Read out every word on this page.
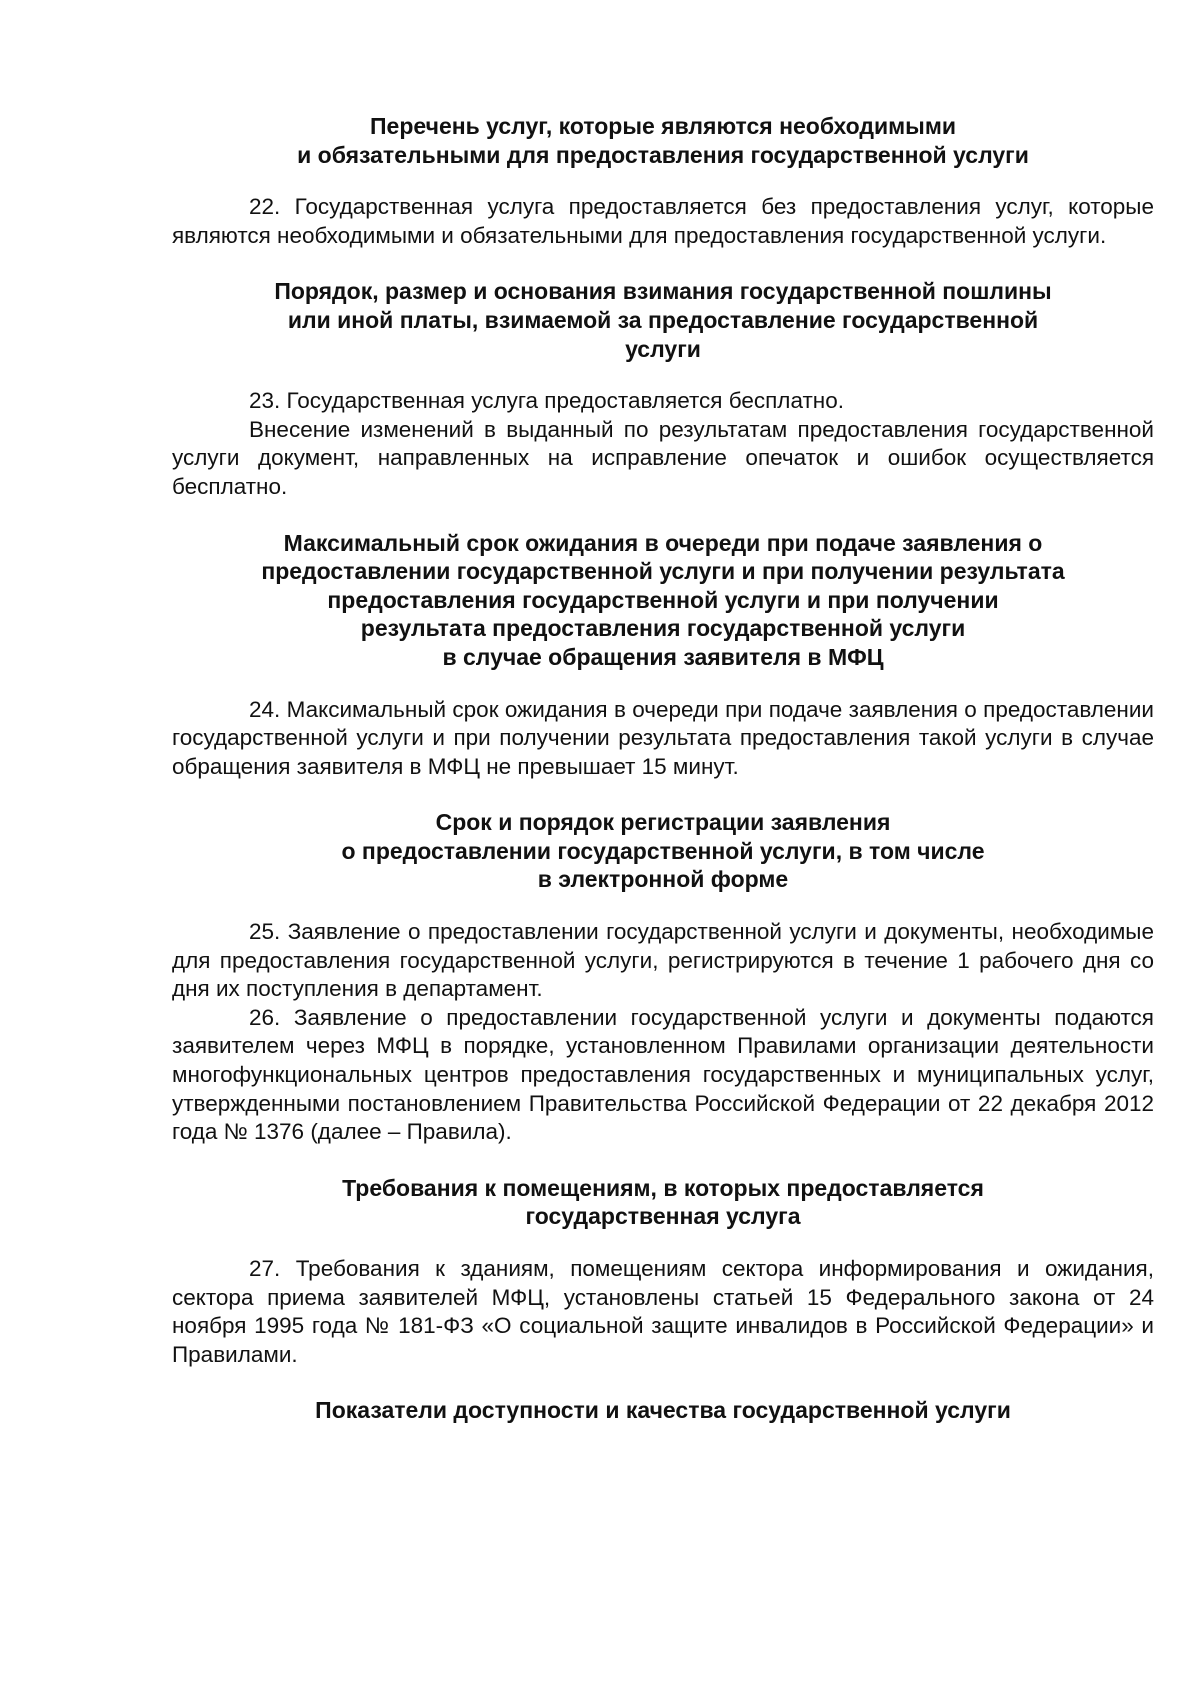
Перечень услуг, которые являются необходимыми
и обязательными для предоставления государственной услуги

22. Государственная услуга предоставляется без предоставления услуг, которые являются необходимыми и обязательными для предоставления государственной услуги.

Порядок, размер и основания взимания государственной пошлины
или иной платы, взимаемой за предоставление государственной
услуги

23. Государственная услуга предоставляется бесплатно.

Внесение изменений в выданный по результатам предоставления государственной услуги документ, направленных на исправление опечаток и ошибок осуществляется бесплатно.

Максимальный срок ожидания в очереди при подаче заявления о
предоставлении государственной услуги и при получении результата
предоставления государственной услуги и при получении
результата предоставления государственной услуги
в случае обращения заявителя в МФЦ

24. Максимальный срок ожидания в очереди при подаче заявления о предоставлении государственной услуги и при получении результата предоставления такой услуги в случае обращения заявителя в МФЦ не превышает 15 минут.

Срок и порядок регистрации заявления
о предоставлении государственной услуги, в том числе
в электронной форме

25. Заявление о предоставлении государственной услуги и документы, необходимые для предоставления государственной услуги, регистрируются в течение 1 рабочего дня со дня их поступления в департамент.

26. Заявление о предоставлении государственной услуги и документы подаются заявителем через МФЦ в порядке, установленном Правилами организации деятельности многофункциональных центров предоставления государственных и муниципальных услуг, утвержденными постановлением Правительства Российской Федерации от 22 декабря 2012 года № 1376 (далее – Правила).

Требования к помещениям, в которых предоставляется
государственная услуга

27. Требования к зданиям, помещениям сектора информирования и ожидания, сектора приема заявителей МФЦ, установлены статьей 15 Федерального закона от 24 ноября 1995 года № 181-ФЗ «О социальной защите инвалидов в Российской Федерации» и Правилами.

Показатели доступности и качества государственной услуги
